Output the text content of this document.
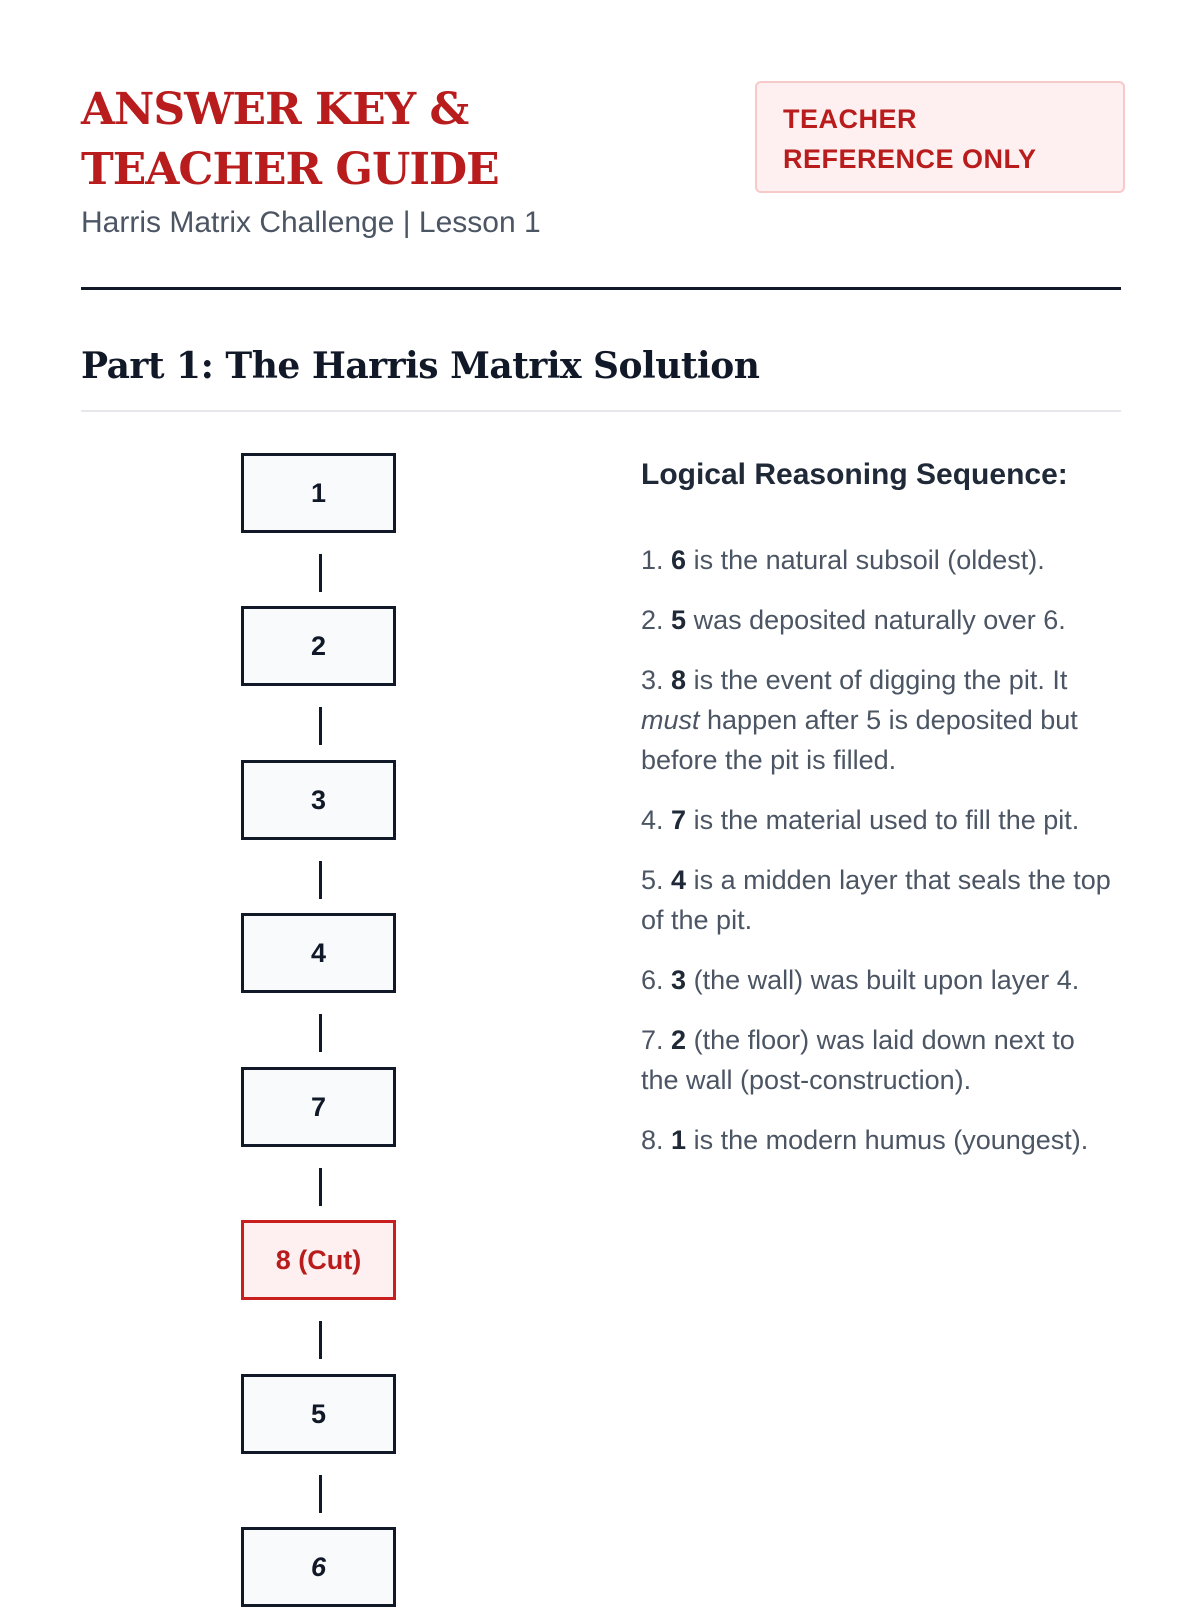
ANSWER KEY & TEACHER GUIDE

Harris Matrix Challenge | Lesson 1

TEACHER REFERENCE ONLY
Part 1: The Harris Matrix Solution
1
2
3
4
7
8 (Cut)
5
6
Logical Reasoning Sequence:
1. 6 is the natural subsoil (oldest).
2. 5 was deposited naturally over 6.
3. 8 is the event of digging the pit. It must happen after 5 is deposited but before the pit is filled.
4. 7 is the material used to fill the pit.
5. 4 is a midden layer that seals the top of the pit.
6. 3 (the wall) was built upon layer 4.
7. 2 (the floor) was laid down next to the wall (post-construction).
8. 1 is the modern humus (youngest).
